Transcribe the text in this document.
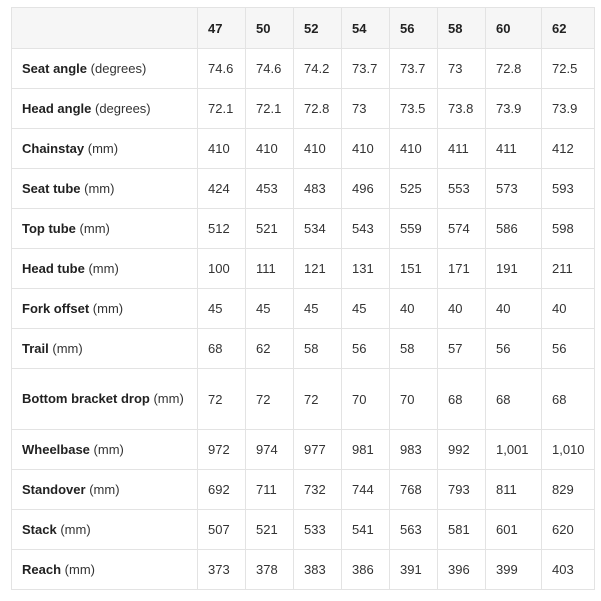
	47	50	52	54	56	58	60	62
Seat angle (degrees)	74.6	74.6	74.2	73.7	73.7	73	72.8	72.5
Head angle (degrees)	72.1	72.1	72.8	73	73.5	73.8	73.9	73.9
Chainstay (mm)	410	410	410	410	410	411	411	412
Seat tube (mm)	424	453	483	496	525	553	573	593
Top tube (mm)	512	521	534	543	559	574	586	598
Head tube (mm)	100	111	121	131	151	171	191	211
Fork offset (mm)	45	45	45	45	40	40	40	40
Trail (mm)	68	62	58	56	58	57	56	56
Bottom bracket drop (mm)	72	72	72	70	70	68	68	68
Wheelbase (mm)	972	974	977	981	983	992	1,001	1,010
Standover (mm)	692	711	732	744	768	793	811	829
Stack (mm)	507	521	533	541	563	581	601	620
Reach (mm)	373	378	383	386	391	396	399	403
